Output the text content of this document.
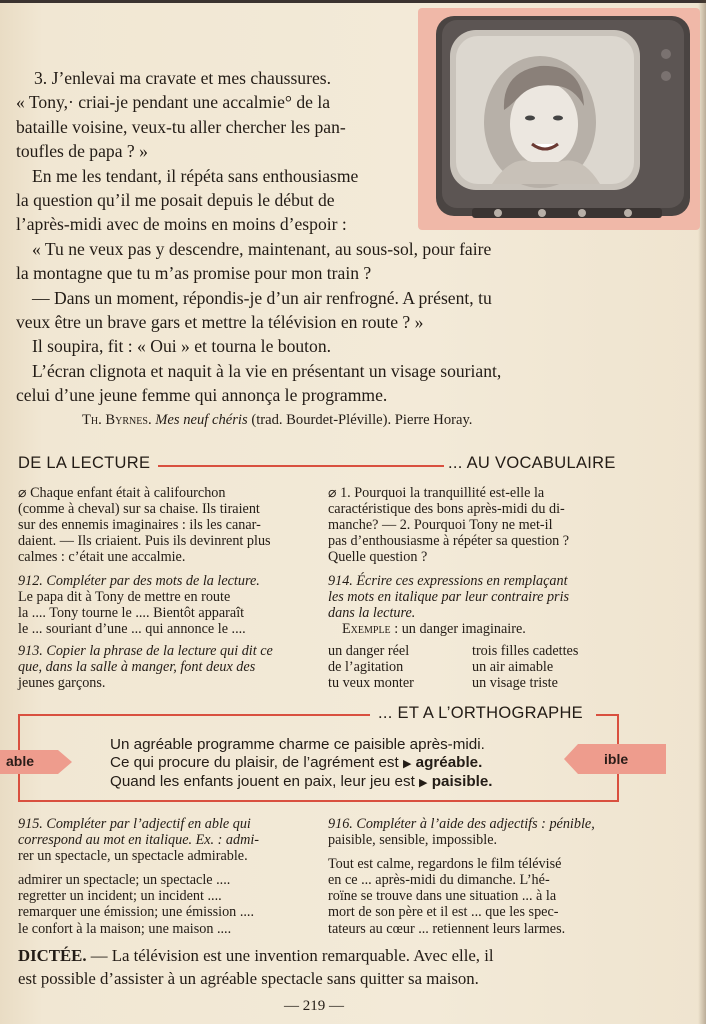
3. J’enlevai ma cravate et mes chaussures.
« Tony,· criai-je pendant une accalmie° de la
bataille voisine, veux-tu aller chercher les pan-
toufles de papa ? »
En me les tendant, il répéta sans enthousiasme
la question qu’il me posait depuis le début de
l’après-midi avec de moins en moins d’espoir :
« Tu ne veux pas y descendre, maintenant, au sous-sol, pour faire
la montagne que tu m’as promise pour mon train ?
— Dans un moment, répondis-je d’un air renfrogné. A présent, tu
veux être un brave gars et mettre la télévision en route ? »
Il soupira, fit : « Oui » et tourna le bouton.
L’écran clignota et naquit à la vie en présentant un visage souriant,
celui d’une jeune femme qui annonça le programme.
Th. Byrnes. Mes neuf chéris (trad. Bourdet-Pléville). Pierre Horay.
DE LA LECTURE	... AU VOCABULAIRE
⌀ Chaque enfant était à califourchon
(comme à cheval) sur sa chaise. Ils tiraient
sur des ennemis imaginaires : ils les canar-
daient. — Ils criaient. Puis ils devinrent plus
calmes : c’était une accalmie.
912. Compléter par des mots de la lecture.
Le papa dit à Tony de mettre en route
la .... Tony tourne le .... Bientôt apparaît
le ... souriant d’une ... qui annonce le ....
913. Copier la phrase de la lecture qui dit ce
que, dans la salle à manger, font deux des
jeunes garçons.
⌀ 1. Pourquoi la tranquillité est-elle la
caractéristique des bons après-midi du di-
manche? — 2. Pourquoi Tony ne met-il
pas d’enthousiasme à répéter sa question ?
Quelle question ?
914. Écrire ces expressions en remplaçant
les mots en italique par leur contraire pris
dans la lecture.
Exemple : un danger imaginaire.
un danger réel
de l’agitation
tu veux monter
trois filles cadettes
un air aimable
un visage triste
... ET A L’ORTHOGRAPHE
able	ible
Un agréable programme charme ce paisible après-midi.
Ce qui procure du plaisir, de l’agrément est ▶ agréable.
Quand les enfants jouent en paix, leur jeu est ▶ paisible.
915. Compléter par l’adjectif en able qui
correspond au mot en italique. Ex. : admi-
rer un spectacle, un spectacle admirable.
admirer un spectacle; un spectacle ....
regretter un incident; un incident ....
remarquer une émission; une émission ....
le confort à la maison; une maison ....
916. Compléter à l’aide des adjectifs : pénible,
paisible, sensible, impossible.
Tout est calme, regardons le film télévisé
en ce ... après-midi du dimanche. L’hé-
roïne se trouve dans une situation ... à la
mort de son père et il est ... que les spec-
tateurs au cœur ... retiennent leurs larmes.
DICTÉE. — La télévision est une invention remarquable. Avec elle, il
est possible d’assister à un agréable spectacle sans quitter sa maison.
— 219 —
